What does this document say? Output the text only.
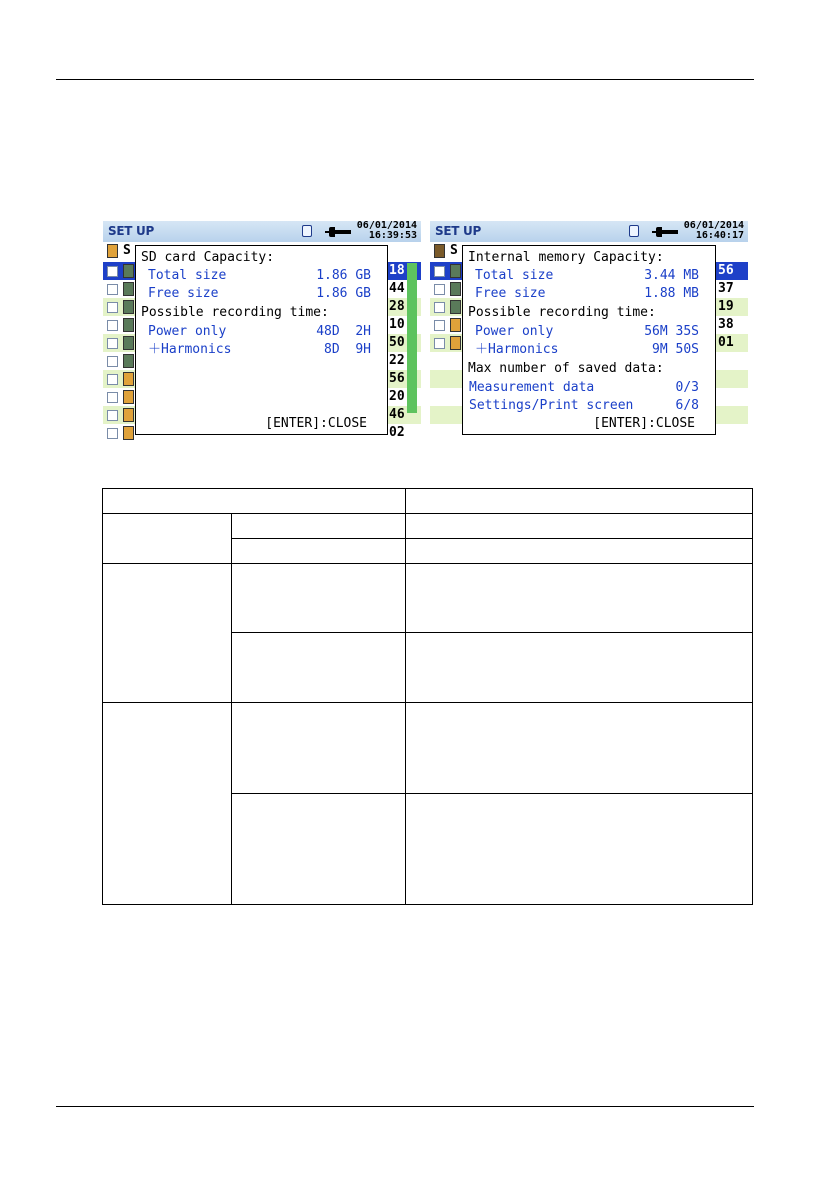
SET UP	06/01/2014
16:39:53
S
18
44
28
10
50
22
56
20
46
02
SD card Capacity:
Total size	1.86 GB
Free size	1.86 GB
Possible recording time:
Power only	48D  2H
＋Harmonics	8D  9H
[ENTER]:CLOSE
SET UP	06/01/2014
16:40:17
S
56
37
19
38
01
Internal memory Capacity:
Total size	3.44 MB
Free size	1.88 MB
Possible recording time:
Power only	56M 35S
＋Harmonics	9M 50S
Max number of saved data:
Measurement data	0/3
Settings/Print screen	6/8
[ENTER]:CLOSE
